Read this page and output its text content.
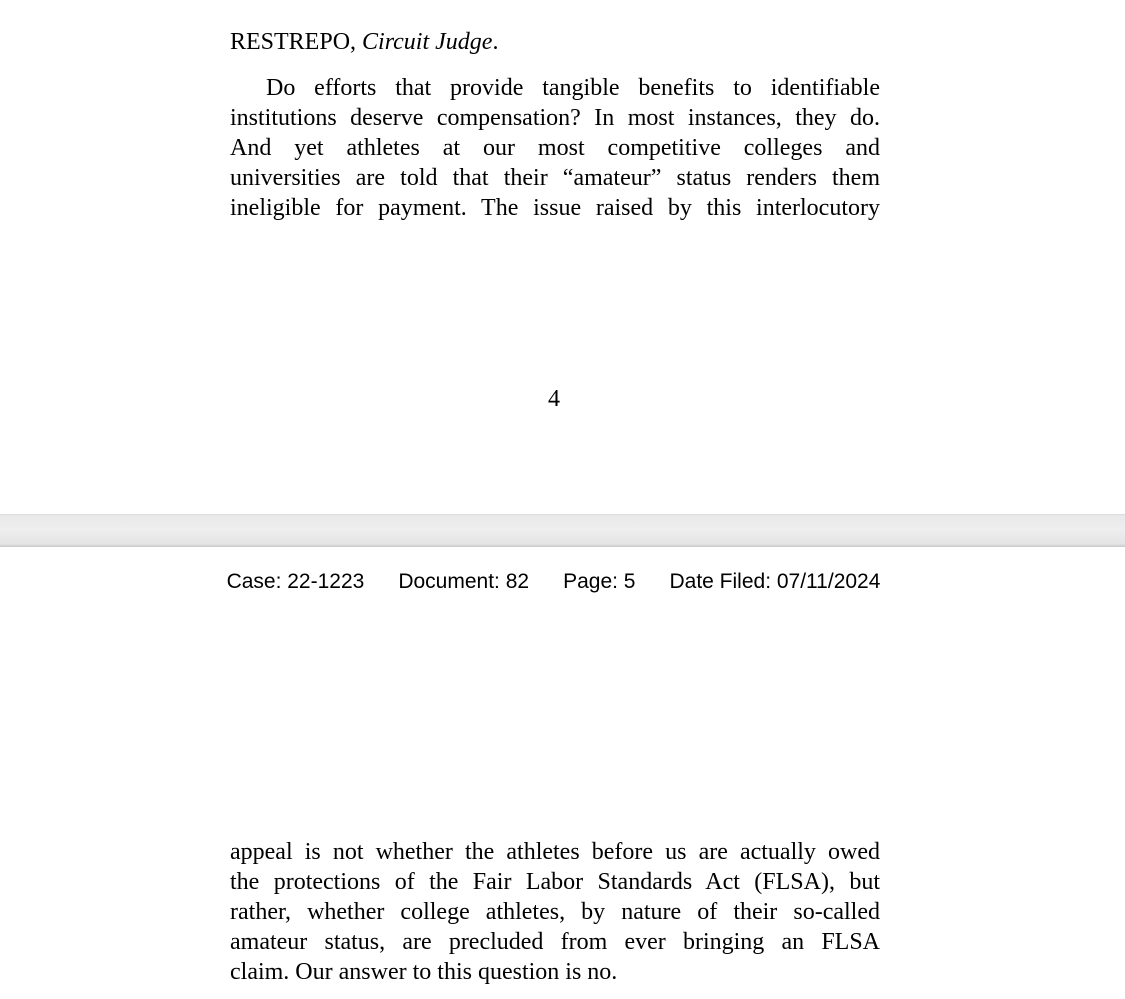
RESTREPO, Circuit Judge.
Do efforts that provide tangible benefits to identifiable
institutions deserve compensation? In most instances, they do.
And yet athletes at our most competitive colleges and
universities are told that their “amateur” status renders them
ineligible for payment. The issue raised by this interlocutory
4
Case: 22-1223 Document: 82 Page: 5 Date Filed: 07/11/2024
appeal is not whether the athletes before us are actually owed
the protections of the Fair Labor Standards Act (FLSA), but
rather, whether college athletes, by nature of their so-called
amateur status, are precluded from ever bringing an FLSA
claim. Our answer to this question is no.
